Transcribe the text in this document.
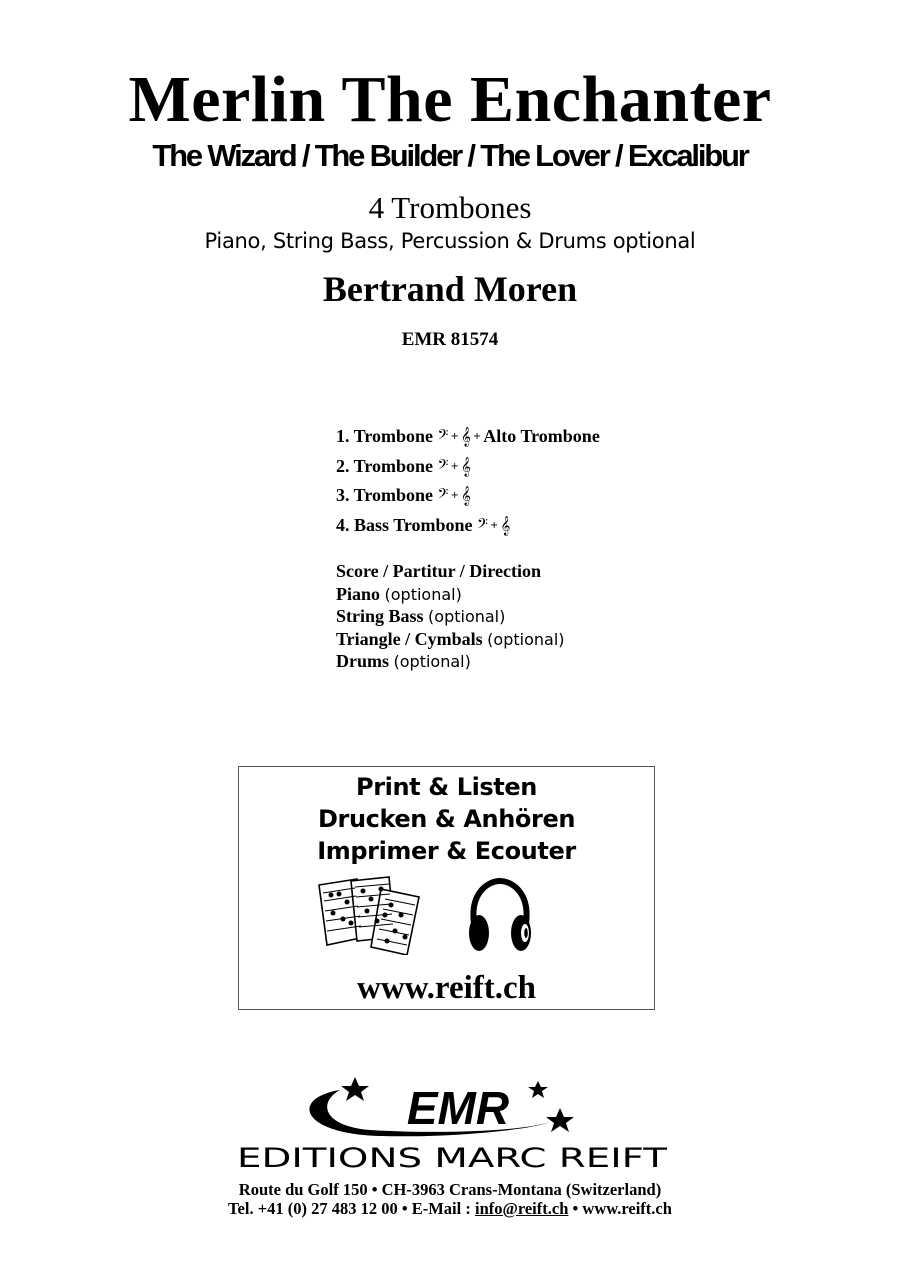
Merlin The Enchanter
The Wizard / The Builder / The Lover / Excalibur
4 Trombones
Piano, String Bass, Percussion & Drums optional
Bertrand Moren
EMR 81574
1. Trombone 𝄢 + 𝄞 + Alto Trombone
2. Trombone 𝄢 + 𝄞
3. Trombone 𝄢 + 𝄞
4. Bass Trombone 𝄢 + 𝄞
Score / Partitur / Direction
Piano (optional)
String Bass (optional)
Triangle / Cymbals (optional)
Drums (optional)
Print & Listen
Drucken & Anhören
Imprimer & Ecouter
www.reift.ch
EMR
EDITIONS MARC REIFT
Route du Golf 150 • CH-3963 Crans-Montana (Switzerland)
Tel. +41 (0) 27 483 12 00 • E-Mail : info@reift.ch • www.reift.ch
